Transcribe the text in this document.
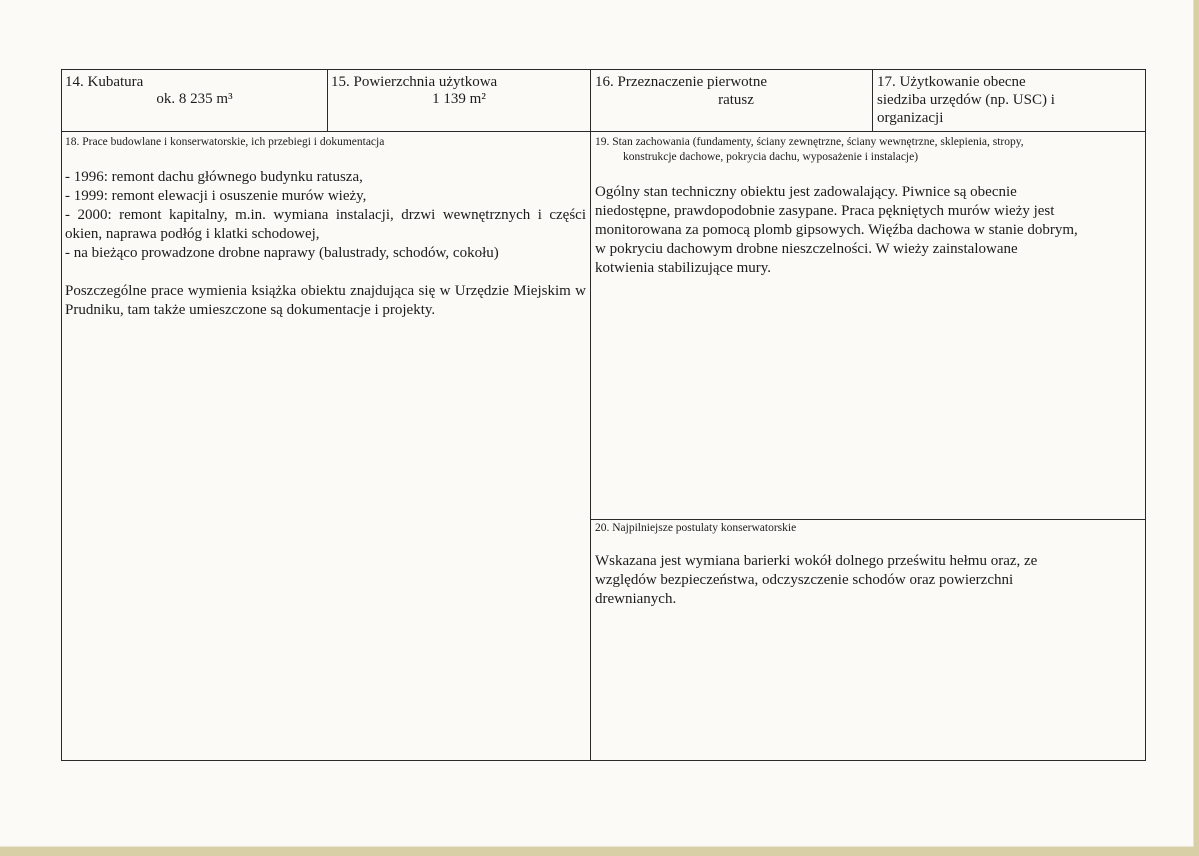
14. Kubatura
ok. 8 235 m³
15. Powierzchnia użytkowa
1 139 m²
16. Przeznaczenie pierwotne
ratusz
17. Użytkowanie obecne
siedziba urzędów (np. USC) i
organizacji
18. Prace budowlane i konserwatorskie, ich przebiegi i dokumentacja
- 1996: remont dachu głównego budynku ratusza,
- 1999: remont elewacji i osuszenie murów wieży,
- 2000: remont kapitalny, m.in. wymiana instalacji, drzwi wewnętrznych i części okien, naprawa podłóg i klatki schodowej,
- na bieżąco prowadzone drobne naprawy (balustrady, schodów, cokołu)
Poszczególne prace wymienia książka obiektu znajdująca się w Urzędzie Miejskim w Prudniku, tam także umieszczone są dokumentacje i projekty.
19. Stan zachowania (fundamenty, ściany zewnętrzne, ściany wewnętrzne, sklepienia, stropy,
konstrukcje dachowe, pokrycia dachu, wyposażenie i instalacje)
Ogólny stan techniczny obiektu jest zadowalający. Piwnice są obecnie
niedostępne, prawdopodobnie zasypane. Praca pękniętych murów wieży jest
monitorowana za pomocą plomb gipsowych. Więźba dachowa w stanie dobrym,
w pokryciu dachowym drobne nieszczelności. W wieży zainstalowane
kotwienia stabilizujące mury.
20. Najpilniejsze postulaty konserwatorskie
Wskazana jest wymiana barierki wokół dolnego prześwitu hełmu oraz, ze
względów bezpieczeństwa, odczyszczenie schodów oraz powierzchni
drewnianych.
